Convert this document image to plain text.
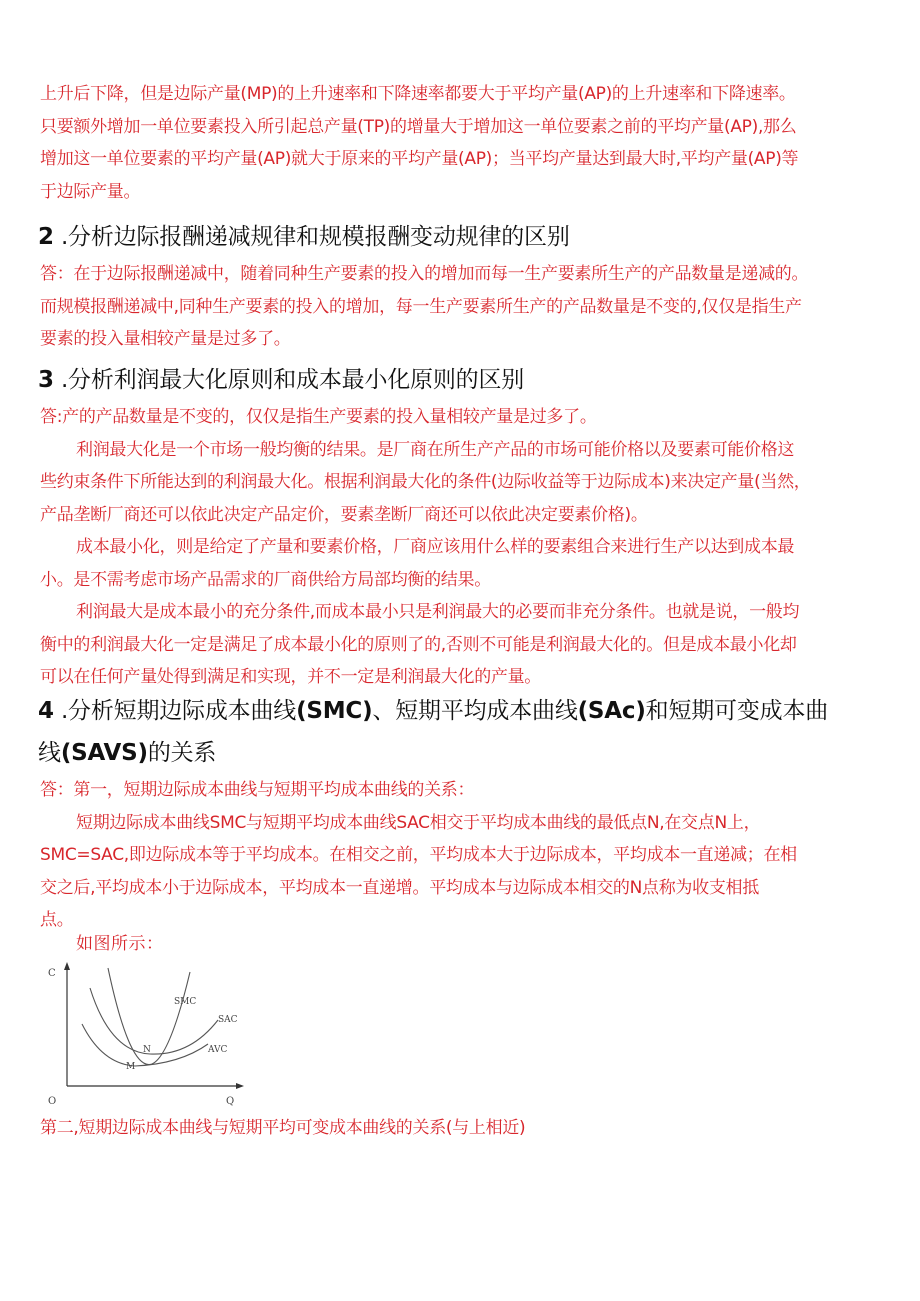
上升后下降，但是边际产量(MP)的上升速率和下降速率都要大于平均产量(AP)的上升速率和下降速率。

只要额外增加一单位要素投入所引起总产量(TP)的增量大于增加这一单位要素之前的平均产量(AP),那么

增加这一单位要素的平均产量(AP)就大于原来的平均产量(AP)；当平均产量达到最大时,平均产量(AP)等

于边际产量。

2 .分析边际报酬递减规律和规模报酬变动规律的区别

答：在于边际报酬递减中，随着同种生产要素的投入的增加而每一生产要素所生产的产品数量是递减的。

而规模报酬递减中,同种生产要素的投入的增加，每一生产要素所生产的产品数量是不变的,仅仅是指生产

要素的投入量相较产量是过多了。

3 .分析利润最大化原则和成本最小化原则的区别

答:产的产品数量是不变的，仅仅是指生产要素的投入量相较产量是过多了。

利润最大化是一个市场一般均衡的结果。是厂商在所生产产品的市场可能价格以及要素可能价格这

些约束条件下所能达到的利润最大化。根据利润最大化的条件(边际收益等于边际成本)来决定产量(当然，

产品垄断厂商还可以依此决定产品定价，要素垄断厂商还可以依此决定要素价格)。

成本最小化，则是给定了产量和要素价格，厂商应该用什么样的要素组合来进行生产以达到成本最

小。是不需考虑市场产品需求的厂商供给方局部均衡的结果。

利润最大是成本最小的充分条件,而成本最小只是利润最大的必要而非充分条件。也就是说，一般均

衡中的利润最大化一定是满足了成本最小化的原则了的,否则不可能是利润最大化的。但是成本最小化却

可以在任何产量处得到满足和实现，并不一定是利润最大化的产量。

4 .分析短期边际成本曲线(SMC)、短期平均成本曲线(SAc)和短期可变成本曲
线(SAVS)的关系

答：第一，短期边际成本曲线与短期平均成本曲线的关系：

短期边际成本曲线SMC与短期平均成本曲线SAC相交于平均成本曲线的最低点N,在交点N上，

SMC=SAC,即边际成本等于平均成本。在相交之前，平均成本大于边际成本，平均成本一直递减；在相

交之后,平均成本小于边际成本，平均成本一直递增。平均成本与边际成本相交的N点称为收支相抵

点。

如图所示：
C
O	Q
SMC
SAC
AVC
N
M

第二,短期边际成本曲线与短期平均可变成本曲线的关系(与上相近)
